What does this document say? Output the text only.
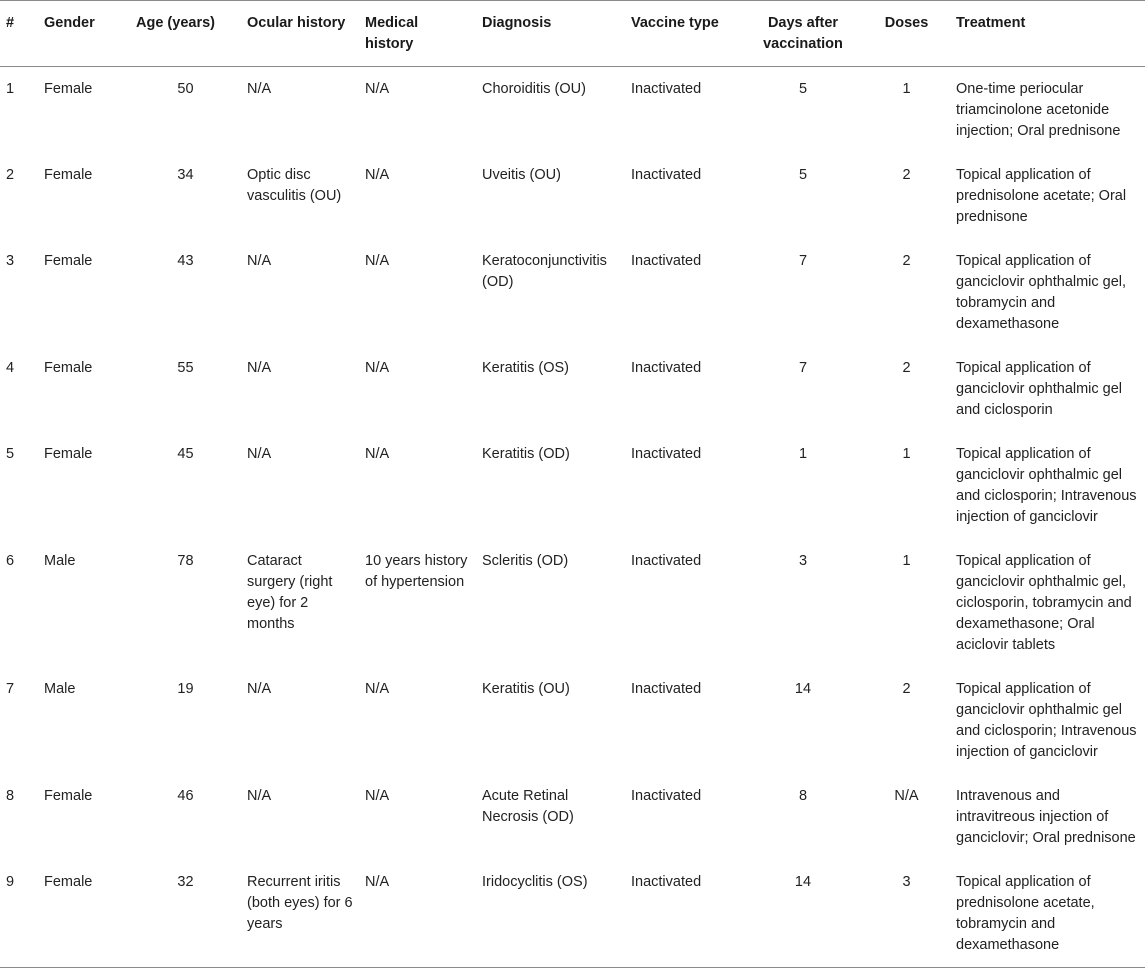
#	Gender	Age (years)	Ocular history	Medical history	Diagnosis	Vaccine type	Days after vaccination	Doses	Treatment
1	Female	50	N/A	N/A	Choroiditis (OU)	Inactivated	5	1	One-time periocular triamcinolone acetonide injection; Oral prednisone
2	Female	34	Optic disc vasculitis (OU)	N/A	Uveitis (OU)	Inactivated	5	2	Topical application of prednisolone acetate; Oral prednisone
3	Female	43	N/A	N/A	Keratoconjunctivitis (OD)	Inactivated	7	2	Topical application of ganciclovir ophthalmic gel, tobramycin and dexamethasone
4	Female	55	N/A	N/A	Keratitis (OS)	Inactivated	7	2	Topical application of ganciclovir ophthalmic gel and ciclosporin
5	Female	45	N/A	N/A	Keratitis (OD)	Inactivated	1	1	Topical application of ganciclovir ophthalmic gel and ciclosporin; Intravenous injection of ganciclovir
6	Male	78	Cataract surgery (right eye) for 2 months	10 years history of hypertension	Scleritis (OD)	Inactivated	3	1	Topical application of ganciclovir ophthalmic gel, ciclosporin, tobramycin and dexamethasone; Oral aciclovir tablets
7	Male	19	N/A	N/A	Keratitis (OU)	Inactivated	14	2	Topical application of ganciclovir ophthalmic gel and ciclosporin; Intravenous injection of ganciclovir
8	Female	46	N/A	N/A	Acute Retinal Necrosis (OD)	Inactivated	8	N/A	Intravenous and intravitreous injection of ganciclovir; Oral prednisone
9	Female	32	Recurrent iritis (both eyes) for 6 years	N/A	Iridocyclitis (OS)	Inactivated	14	3	Topical application of prednisolone acetate, tobramycin and dexamethasone
